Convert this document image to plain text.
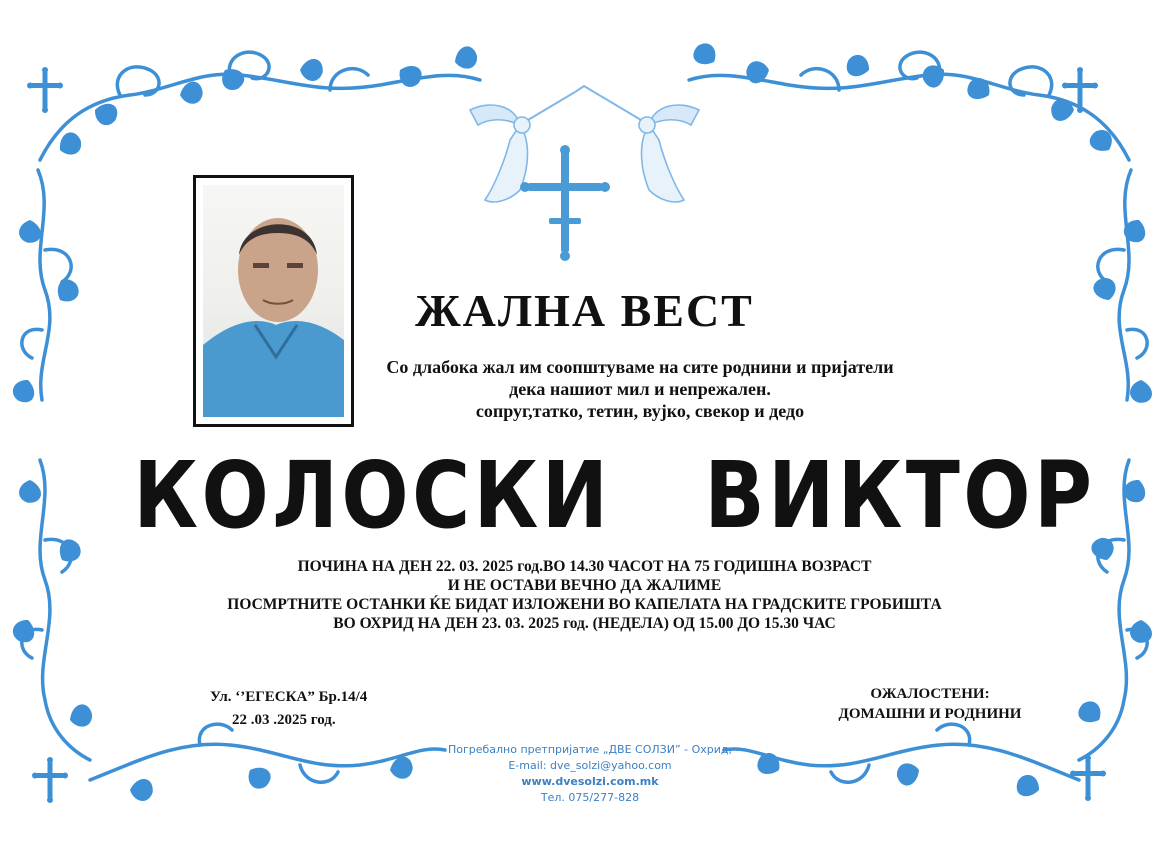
ЖАЛНА ВЕСТ
Со длабока жал им соопштуваме на сите роднини и пријатели
дека нашиот мил и непрежален.
сопруг,татко, тетин, вујко, свекор и дедо
КОЛОСКИ   ВИКТОР
ПОЧИНА НА ДЕН 22. 03. 2025 год.ВО 14.30 ЧАСОТ НА 75 ГОДИШНА ВОЗРАСТ
И НЕ ОСТАВИ ВЕЧНО ДА ЖАЛИМЕ
ПОСМРТНИТЕ ОСТАНКИ ЌЕ БИДАТ ИЗЛОЖЕНИ ВО КАПЕЛАТА НА ГРАДСКИТЕ ГРОБИШТА
ВО ОХРИД НА ДЕН 23. 03. 2025 год. (НЕДЕЛА) ОД 15.00 ДО 15.30 ЧАС
Ул. ‘’ЕГЕСКА” Бр.14/4
22 .03 .2025 год.
ОЖАЛОСТЕНИ:
ДОМАШНИ И РОДНИНИ
Погребално претпријатие „ДВЕ СОЛЗИ” - Охрид,
E-mail: dve_solzi@yahoo.com
www.dvesolzi.com.mk
Тел. 075/277-828
